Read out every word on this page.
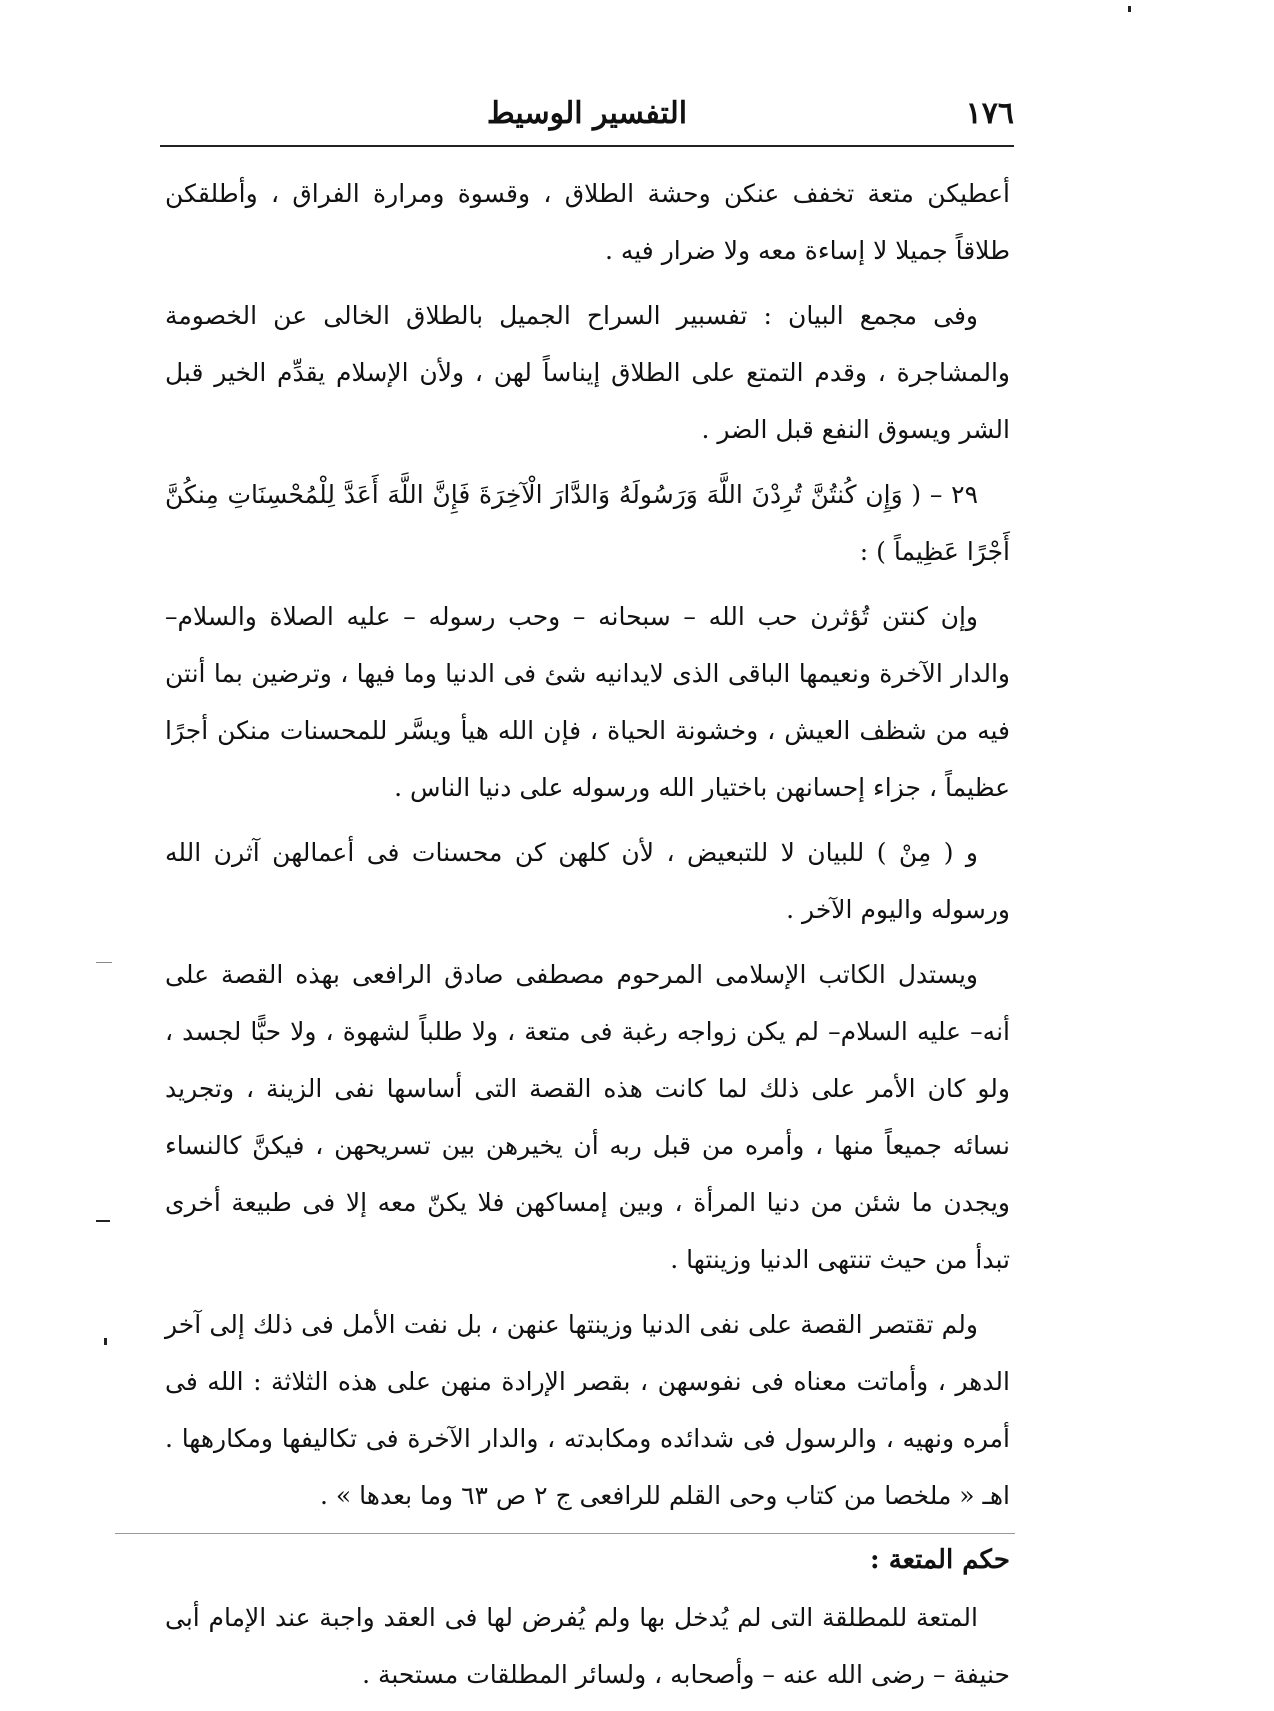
١٧٦
التفسير الوسيط

أعطيكن متعة تخفف عنكن وحشة الطلاق ، وقسوة ومرارة الفراق ، وأطلقكن طلاقاً جميلا لا إساءة معه ولا ضرار فيه .

وفى مجمع البيان : تفسبير السراح الجميل بالطلاق الخالى عن الخصومة والمشاجرة ، وقدم التمتع على الطلاق إيناساً لهن ، ولأن الإسلام يقدِّم الخير قبل الشر ويسوق النفع قبل الضر .

٢٩ – ( وَإِن كُنتُنَّ تُرِدْنَ اللَّهَ وَرَسُولَهُ وَالدَّارَ الْآخِرَةَ فَإِنَّ اللَّهَ أَعَدَّ لِلْمُحْسِنَاتِ مِنكُنَّ أَجْرًا عَظِيماً ) :

وإن كنتن تُؤثرن حب الله – سبحانه – وحب رسوله – عليه الصلاة والسلام– والدار الآخرة ونعيمها الباقى الذى لايدانيه شئ فى الدنيا وما فيها ، وترضين بما أنتن فيه من شظف العيش ، وخشونة الحياة ، فإن الله هيأ ويسَّر للمحسنات منكن أجرًا عظيماً ، جزاء إحسانهن باختيار الله ورسوله على دنيا الناس .

و ( مِنْ ) للبيان لا للتبعيض ، لأن كلهن كن محسنات فى أعمالهن آثرن الله ورسوله واليوم الآخر .

ويستدل الكاتب الإسلامى المرحوم مصطفى صادق الرافعى بهذه القصة على أنه– عليه السلام– لم يكن زواجه رغبة فى متعة ، ولا طلباً لشهوة ، ولا حبًّا لجسد ، ولو كان الأمر على ذلك لما كانت هذه القصة التى أساسها نفى الزينة ، وتجريد نسائه جميعاً منها ، وأمره من قبل ربه أن يخيرهن بين تسريحهن ، فيكنَّ كالنساء ويجدن ما شئن من دنيا المرأة ، وبين إمساكهن فلا يكنّ معه إلا فى طبيعة أخرى تبدأ من حيث تنتهى الدنيا وزينتها .

ولم تقتصر القصة على نفى الدنيا وزينتها عنهن ، بل نفت الأمل فى ذلك إلى آخر الدهر ، وأماتت معناه فى نفوسهن ، بقصر الإرادة منهن على هذه الثلاثة : الله فى أمره ونهيه ، والرسول فى شدائده ومكابدته ، والدار الآخرة فى تكاليفها ومكارهها . اهـ « ملخصا من كتاب وحى القلم للرافعى ج ٢ ص ٦٣ وما بعدها » .

حكم المتعة :

المتعة للمطلقة التى لم يُدخل بها ولم يُفرض لها فى العقد واجبة عند الإمام أبى حنيفة – رضى الله عنه – وأصحابه ، ولسائر المطلقات مستحبة .
